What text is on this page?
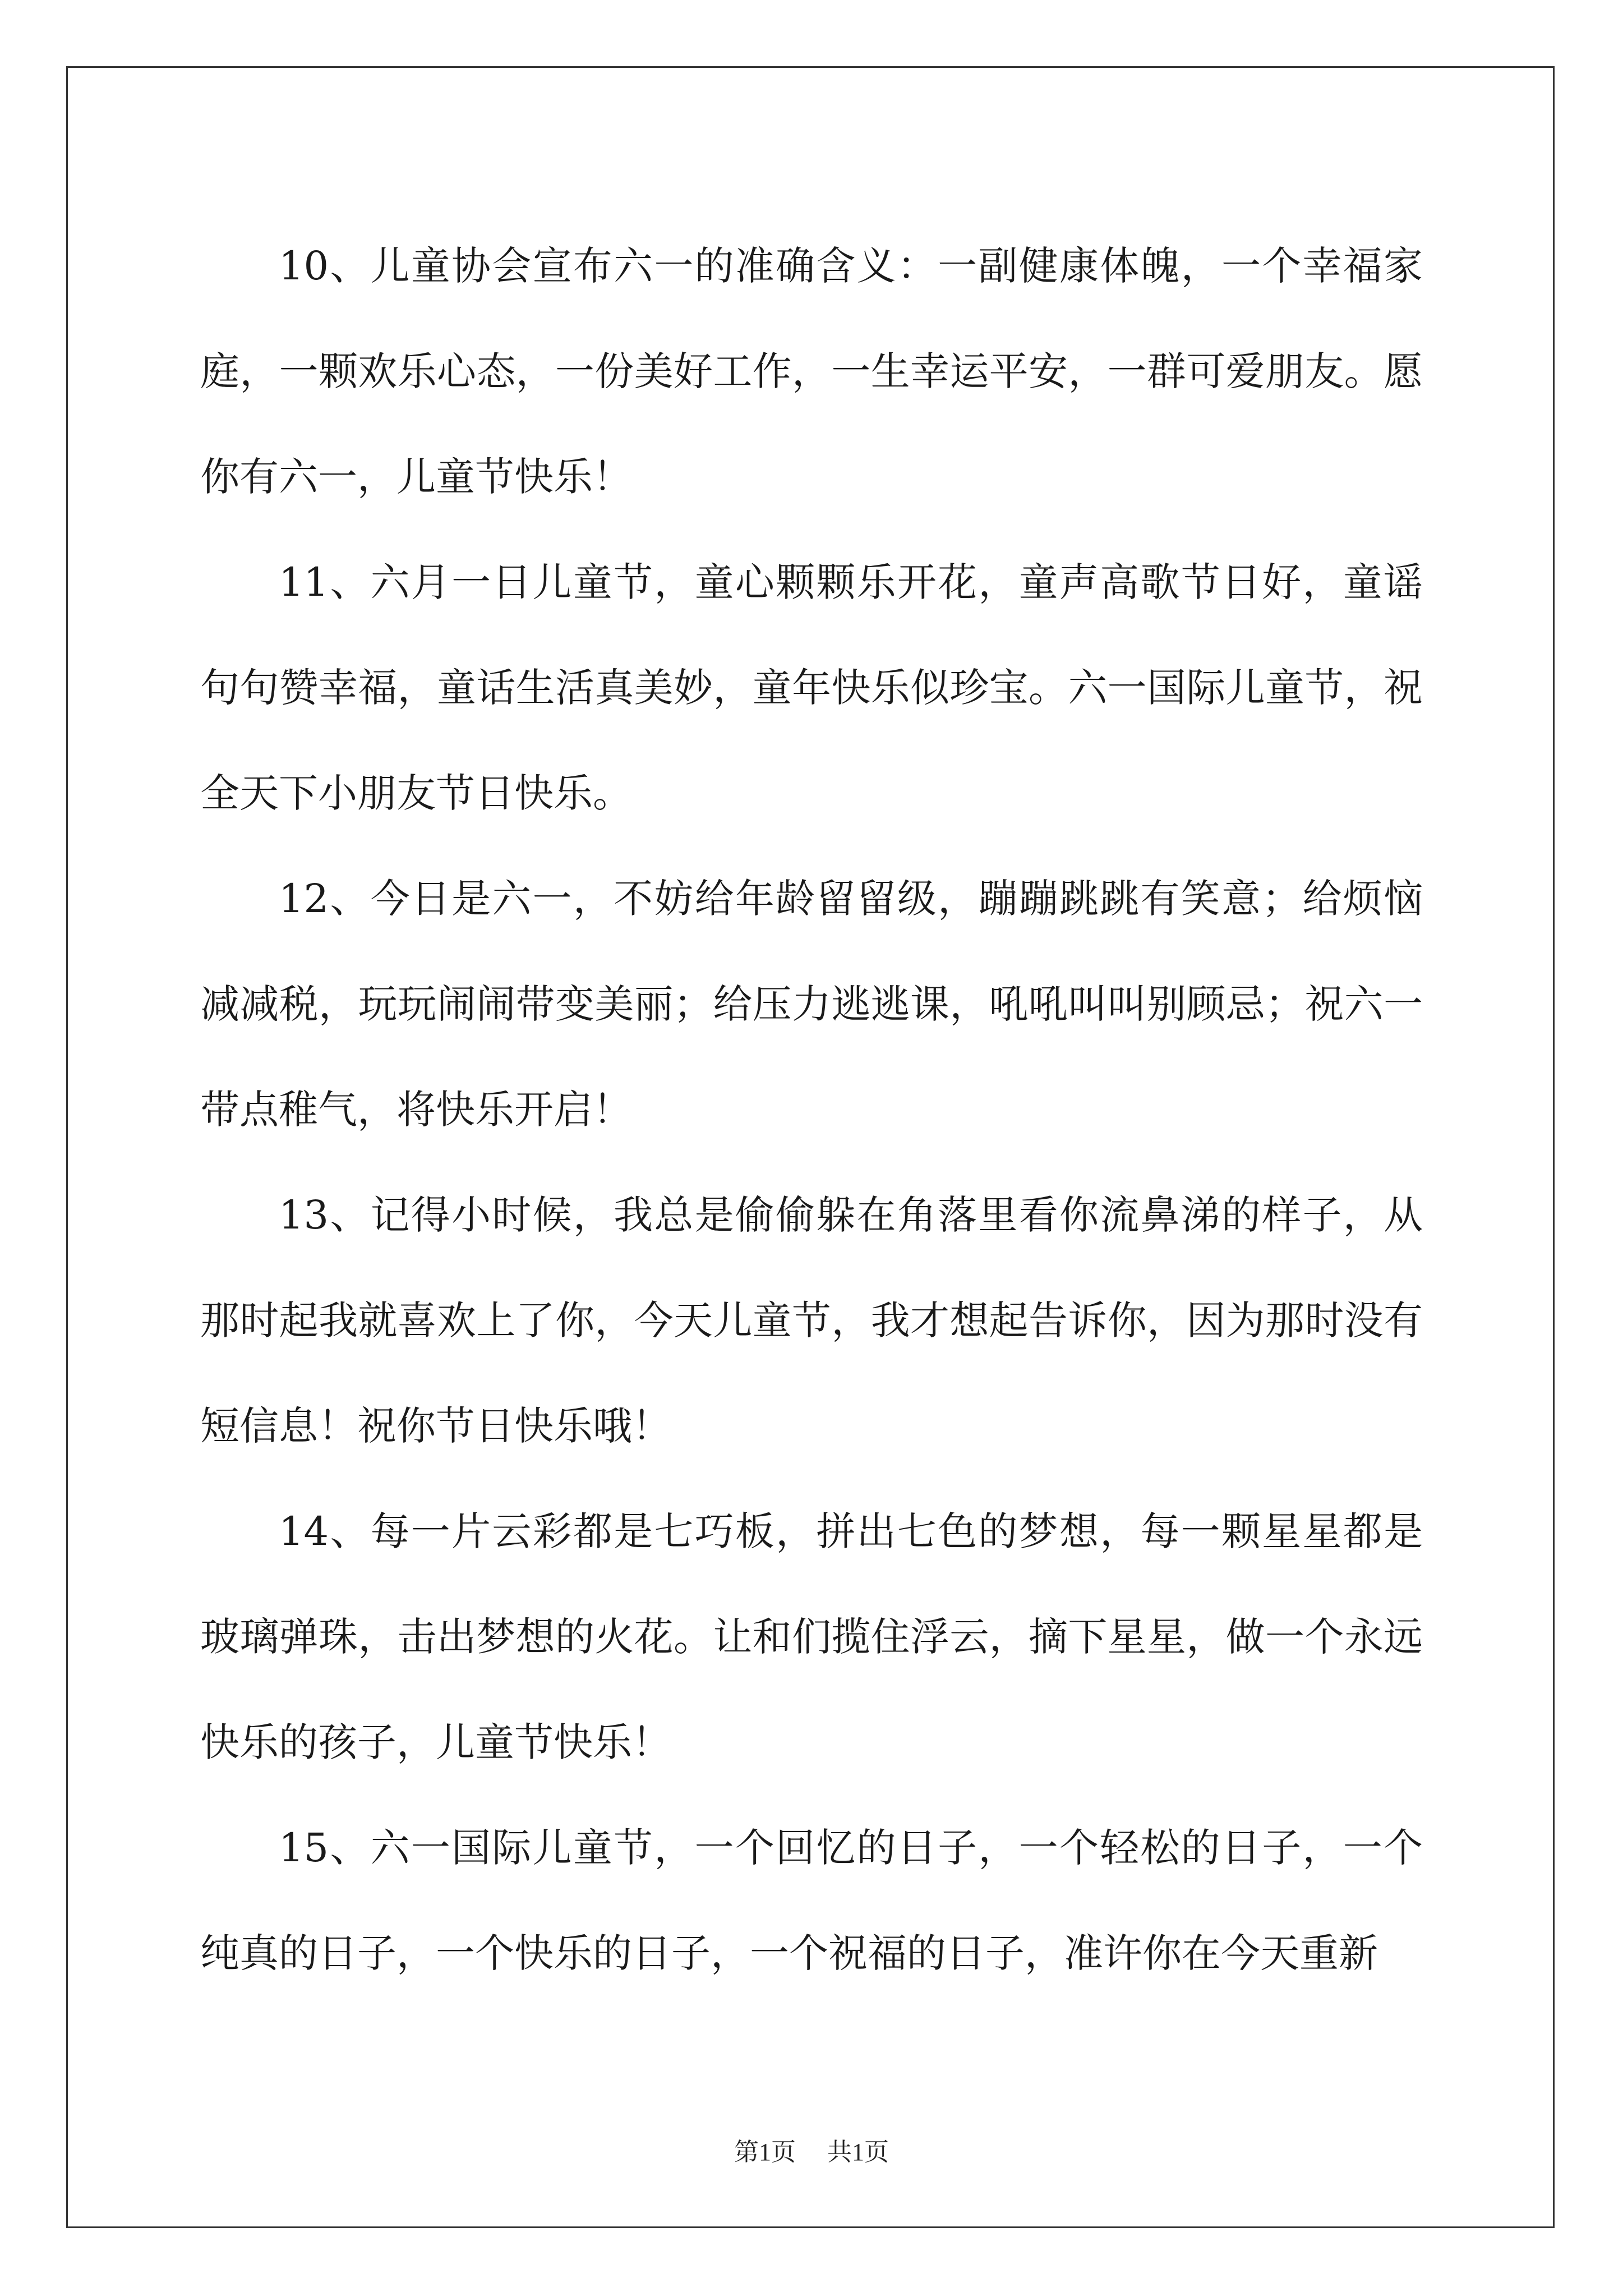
10、儿童协会宣布六一的准确含义：一副健康体魄，一个幸福家庭，一颗欢乐心态，一份美好工作，一生幸运平安，一群可爱朋友。愿你有六一，儿童节快乐！

11、六月一日儿童节，童心颗颗乐开花，童声高歌节日好，童谣句句赞幸福，童话生活真美妙，童年快乐似珍宝。六一国际儿童节，祝全天下小朋友节日快乐。

12、今日是六一，不妨给年龄留留级，蹦蹦跳跳有笑意；给烦恼减减税，玩玩闹闹带变美丽；给压力逃逃课，吼吼叫叫别顾忌；祝六一带点稚气，将快乐开启！

13、记得小时候，我总是偷偷躲在角落里看你流鼻涕的样子，从那时起我就喜欢上了你，今天儿童节，我才想起告诉你，因为那时没有短信息！祝你节日快乐哦！

14、每一片云彩都是七巧板，拼出七色的梦想，每一颗星星都是玻璃弹珠，击出梦想的火花。让和们揽住浮云，摘下星星，做一个永远快乐的孩子，儿童节快乐！

15、六一国际儿童节，一个回忆的日子，一个轻松的日子，一个纯真的日子，一个快乐的日子，一个祝福的日子，准许你在今天重新

第1页 共1页
